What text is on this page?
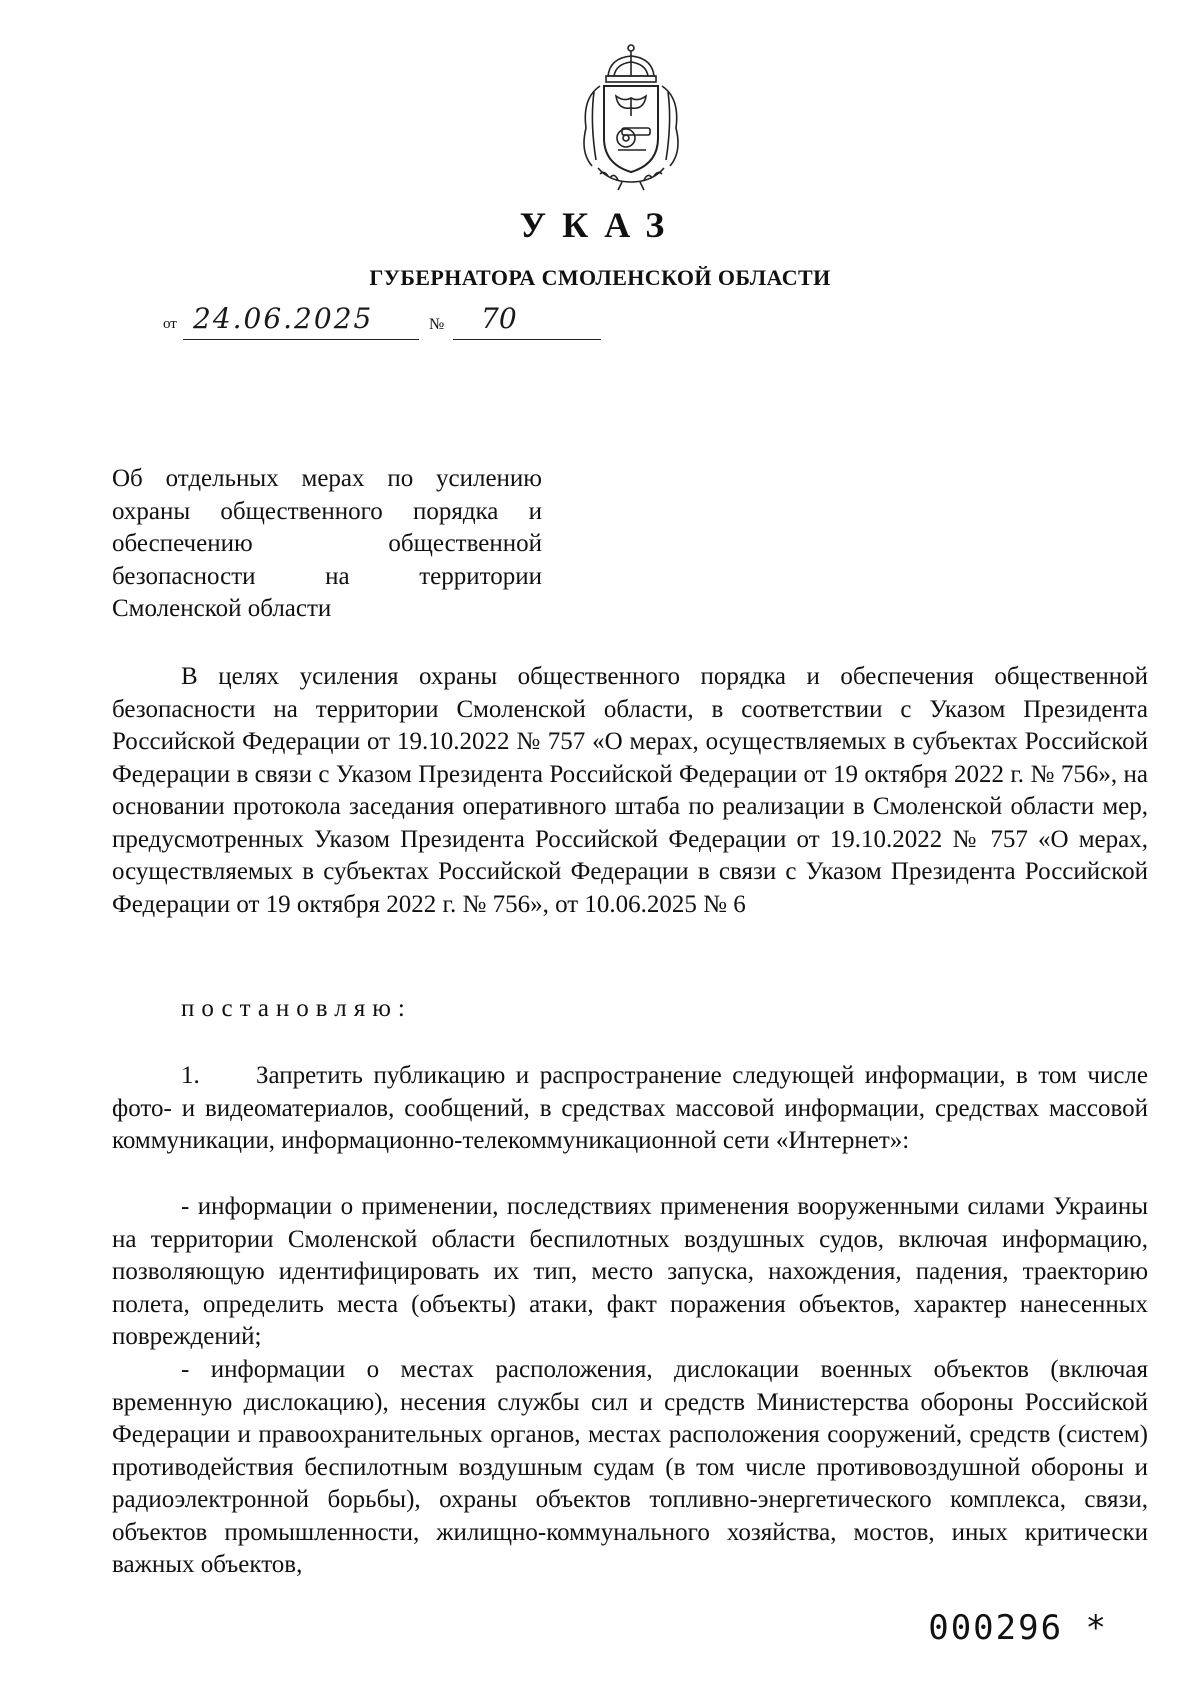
УКАЗ
ГУБЕРНАТОРА СМОЛЕНСКОЙ ОБЛАСТИ
от 24.06.2025	№ 70
Об отдельных мерах по усилению охраны общественного порядка и обеспечению общественной безопасности на территории Смоленской области

В целях усиления охраны общественного порядка и обеспечения общественной безопасности на территории Смоленской области, в соответствии с Указом Президента Российской Федерации от 19.10.2022 № 757 «О мерах, осуществляемых в субъектах Российской Федерации в связи с Указом Президента Российской Федерации от 19 октября 2022 г. № 756», на основании протокола заседания оперативного штаба по реализации в Смоленской области мер, предусмотренных Указом Президента Российской Федерации от 19.10.2022 № 757 «О мерах, осуществляемых в субъектах Российской Федерации в связи с Указом Президента Российской Федерации от 19 октября 2022 г. № 756», от 10.06.2025 № 6

постановляю:

1. Запретить публикацию и распространение следующей информации, в том числе фото- и видеоматериалов, сообщений, в средствах массовой информации, средствах массовой коммуникации, информационно-телекоммуникационной сети «Интернет»:

- информации о применении, последствиях применения вооруженными силами Украины на территории Смоленской области беспилотных воздушных судов, включая информацию, позволяющую идентифицировать их тип, место запуска, нахождения, падения, траекторию полета, определить места (объекты) атаки, факт поражения объектов, характер нанесенных повреждений;

- информации о местах расположения, дислокации военных объектов (включая временную дислокацию), несения службы сил и средств Министерства обороны Российской Федерации и правоохранительных органов, местах расположения сооружений, средств (систем) противодействия беспилотным воздушным судам (в том числе противовоздушной обороны и радиоэлектронной борьбы), охраны объектов топливно-энергетического комплекса, связи, объектов промышленности, жилищно-коммунального хозяйства, мостов, иных критически важных объектов,

000296 *
